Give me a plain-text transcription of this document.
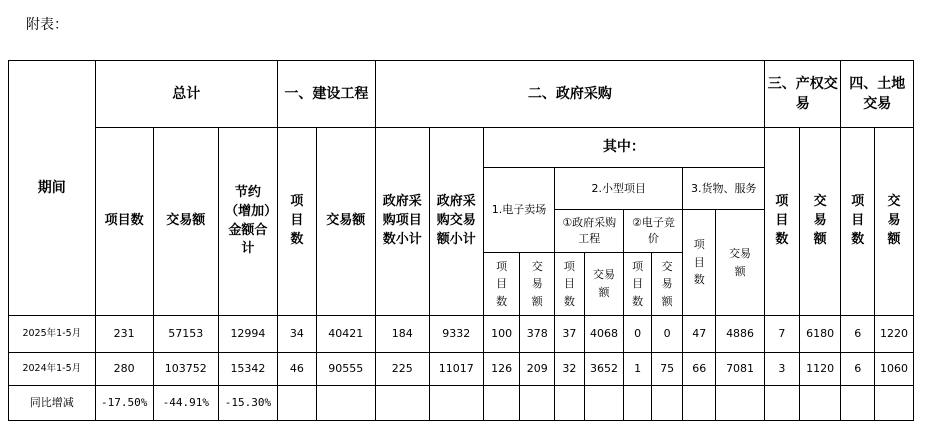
附表：
期间	总计			一、建设工程		二、政府采购										三、产权交易		四、土地交易	
	项目数	交易额	节约（增加）金额合计	项目数	交易额	政府采购项目数小计	政府采购交易额小计	其中：								项目数	交易额	项目数	交易额
								1.电子卖场		2.小型项目				3.货物、服务					
										①政府采购工程		②电子竞价		项目数	交易额				
								项目数	交易额	项目数	交易额	项目数	交易额						
2025年1-5月	231	57153	12994	34	40421	184	9332	100	378	37	4068	0	0	47	4886	7	6180	6	1220
2024年1-5月	280	103752	15342	46	90555	225	11017	126	209	32	3652	1	75	66	7081	3	1120	6	1060
同比增减	-17.50%	-44.91%	-15.30%																
